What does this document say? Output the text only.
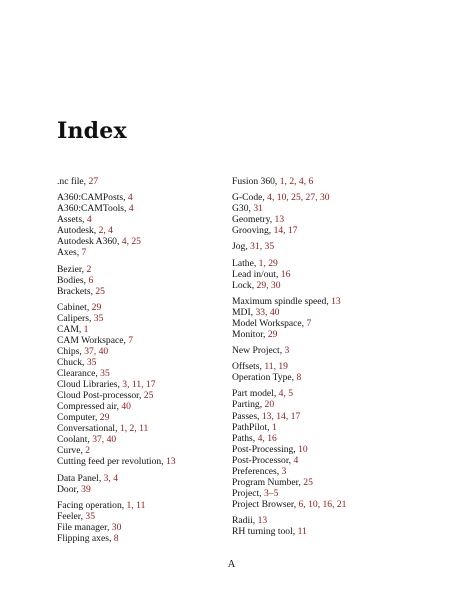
Index
.nc file, 27
A360:CAMPosts, 4
A360:CAMTools, 4
Assets, 4
Autodesk, 2, 4
Autodesk A360, 4, 25
Axes, 7
Bezier, 2
Bodies, 6
Brackets, 25
Cabinet, 29
Calipers, 35
CAM, 1
CAM Workspace, 7
Chips, 37, 40
Chuck, 35
Clearance, 35
Cloud Libraries, 3, 11, 17
Cloud Post-processor, 25
Compressed air, 40
Computer, 29
Conversational, 1, 2, 11
Coolant, 37, 40
Curve, 2
Cutting feed per revolution, 13
Data Panel, 3, 4
Door, 39
Facing operation, 1, 11
Feeler, 35
File manager, 30
Flipping axes, 8
Fusion 360, 1, 2, 4, 6
G-Code, 4, 10, 25, 27, 30
G30, 31
Geometry, 13
Grooving, 14, 17
Jog, 31, 35
Lathe, 1, 29
Lead in/out, 16
Lock, 29, 30
Maximum spindle speed, 13
MDI, 33, 40
Model Workspace, 7
Monitor, 29
New Project, 3
Offsets, 11, 19
Operation Type, 8
Part model, 4, 5
Parting, 20
Passes, 13, 14, 17
PathPilot, 1
Paths, 4, 16
Post-Processing, 10
Post-Processor, 4
Preferences, 3
Program Number, 25
Project, 3–5
Project Browser, 6, 10, 16, 21
Radii, 13
RH turning tool, 11
A
